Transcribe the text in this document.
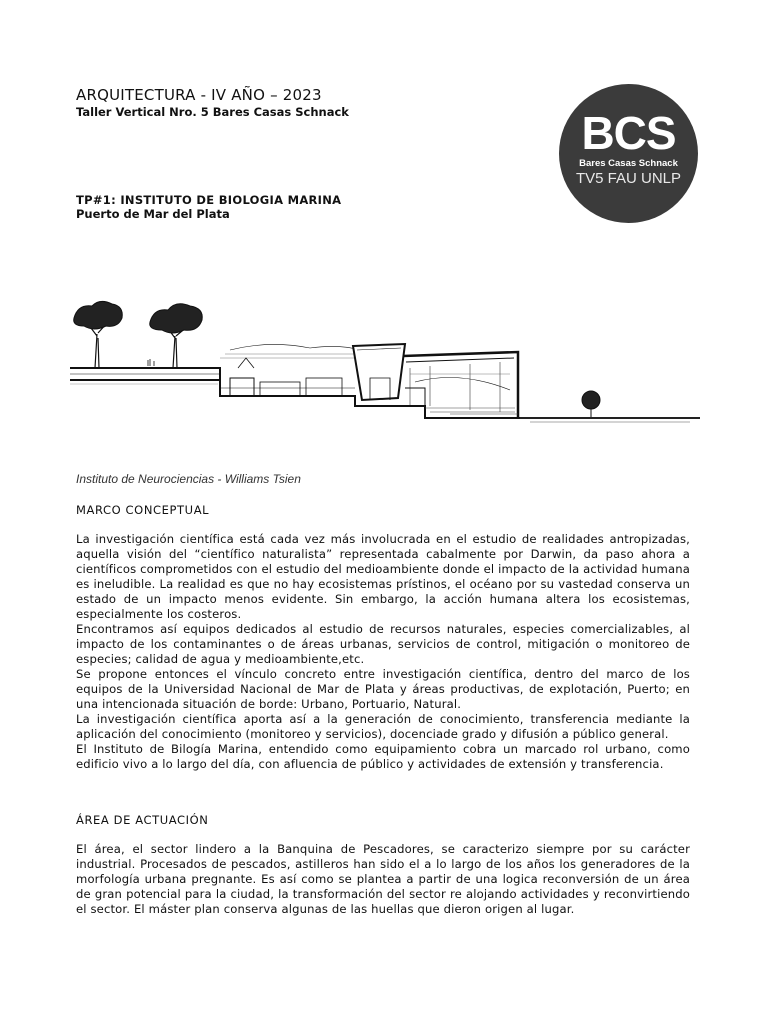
ARQUITECTURA - IV AÑO – 2023
Taller Vertical Nro. 5 Bares Casas Schnack	BCS
Bares Casas Schnack
TV5 FAU UNLP
TP#1: INSTITUTO DE BIOLOGIA MARINA
Puerto de Mar del Plata
Instituto de Neurociencias - Williams Tsien
MARCO CONCEPTUAL

La investigación científica está cada vez más involucrada en el estudio de realidades antropizadas, aquella visión del “científico naturalista” representada cabalmente por Darwin, da paso ahora a científicos comprometidos con el estudio del medioambiente donde el impacto de la actividad humana es ineludible. La realidad es que no hay ecosistemas prístinos, el océano por su vastedad conserva un estado de un impacto menos evidente. Sin embargo, la acción humana altera los ecosistemas, especialmente los costeros.

Encontramos así equipos dedicados al estudio de recursos naturales, especies comercializables, al impacto de los contaminantes o de áreas urbanas, servicios de control, mitigación o monitoreo de especies; calidad de agua y medioambiente,etc.

Se propone entonces el vínculo concreto entre investigación científica, dentro del marco de los equipos de la Universidad Nacional de Mar de Plata y áreas productivas, de explotación, Puerto; en una intencionada situación de borde: Urbano, Portuario, Natural.

La investigación científica aporta así a la generación de conocimiento, transferencia mediante la aplicación del conocimiento (monitoreo y servicios), docenciade grado y difusión a público general.

El Instituto de Bilogía Marina, entendido como equipamiento cobra un marcado rol urbano, como edificio vivo a lo largo del día, con afluencia de público y actividades de extensión y transferencia.

ÁREA DE ACTUACIÓN

El área, el sector lindero a la Banquina de Pescadores, se caracterizo siempre por su carácter industrial. Procesados de pescados, astilleros han sido el a lo largo de los años los generadores de la morfología urbana pregnante. Es así como se plantea a partir de una logica reconversión de un área de gran potencial para la ciudad, la transformación del sector re alojando actividades y reconvirtiendo el sector. El máster plan conserva algunas de las huellas que dieron origen al lugar.
